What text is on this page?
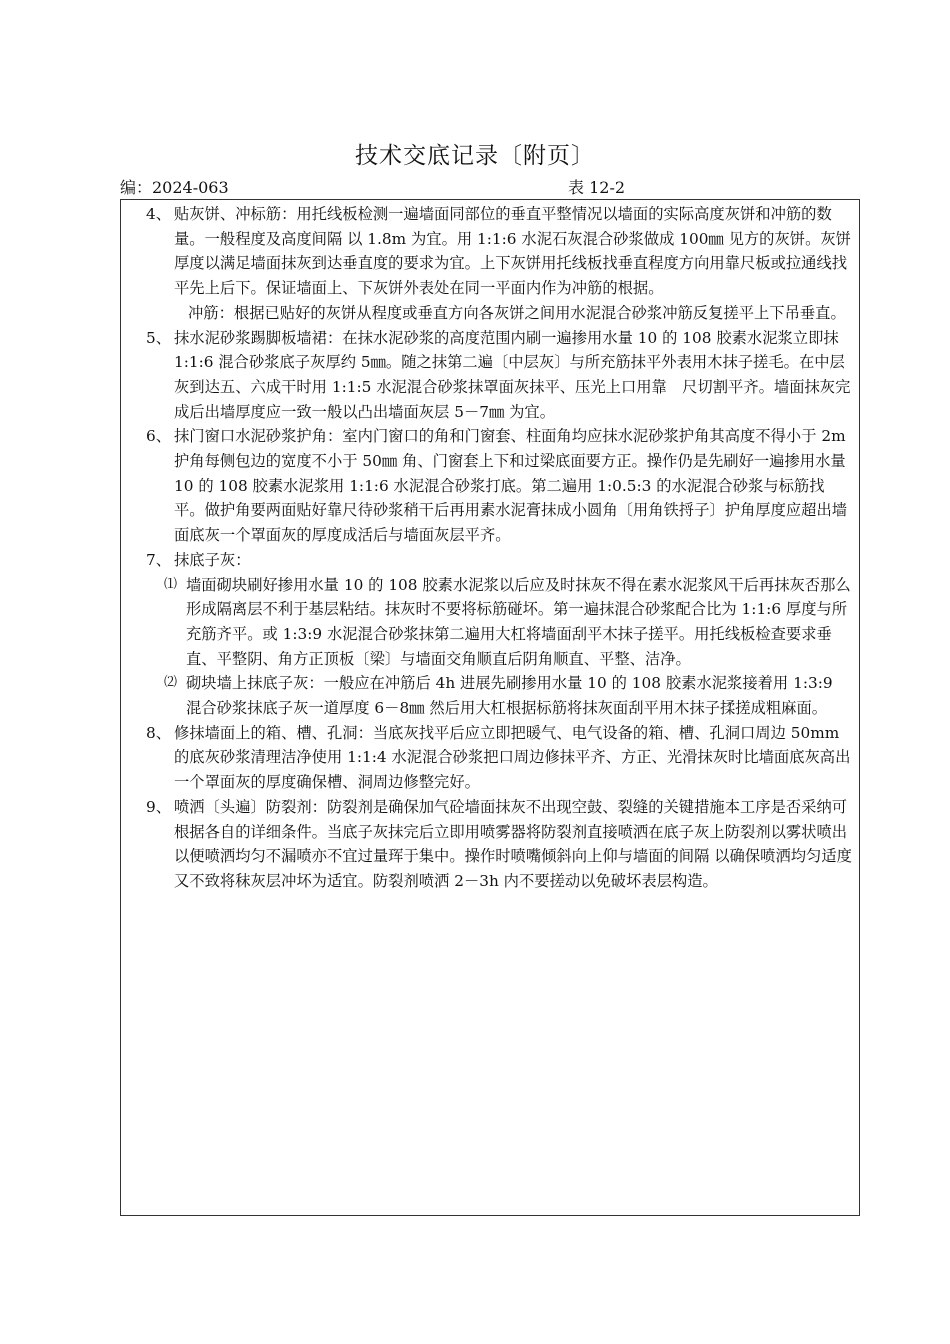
技术交底记录〔附页〕
编：2024-063	表 12-2
4、 贴灰饼、冲标筋：用托线板检测一遍墙面同部位的垂直平整情况以墙面的实际高度灰饼和冲筋的数量。一般程度及高度间隔 以 1.8m 为宜。用 1:1:6 水泥石灰混合砂浆做成 100㎜ 见方的灰饼。灰饼厚度以满足墙面抹灰到达垂直度的要求为宜。上下灰饼用托线板找垂直程度方向用靠尺板或拉通线找平先上后下。保证墙面上、下灰饼外表处在同一平面内作为冲筋的根据。
冲筋：根据已贴好的灰饼从程度或垂直方向各灰饼之间用水泥混合砂浆冲筋反复搓平上下吊垂直。
5、 抹水泥砂浆踢脚板墙裙：在抹水泥砂浆的高度范围内刷一遍掺用水量 10 的 108 胶素水泥浆立即抹 1:1:6 混合砂浆底子灰厚约 5㎜。随之抹第二遍〔中层灰〕与所充筋抹平外表用木抹子搓毛。在中层灰到达五、六成干时用 1:1:5 水泥混合砂浆抹罩面灰抹平、压光上口用靠　尺切割平齐。墙面抹灰完成后出墙厚度应一致一般以凸出墙面灰层 5－7㎜ 为宜。
6、 抹门窗口水泥砂浆护角：室内门窗口的角和门窗套、柱面角均应抹水泥砂浆护角其高度不得小于 2m 护角每侧包边的宽度不小于 50㎜ 角、门窗套上下和过梁底面要方正。操作仍是先刷好一遍掺用水量 10 的 108 胶素水泥浆用 1:1:6 水泥混合砂浆打底。第二遍用 1:0.5:3 的水泥混合砂浆与标筋找平。做护角要两面贴好靠尺待砂浆稍干后再用素水泥膏抹成小圆角〔用角铁捋子〕护角厚度应超出墙面底灰一个罩面灰的厚度成活后与墙面灰层平齐。
7、 抹底子灰：
⑴ 墙面砌块刷好掺用水量 10 的 108 胶素水泥浆以后应及时抹灰不得在素水泥浆风干后再抹灰否那么形成隔离层不利于基层粘结。抹灰时不要将标筋碰坏。第一遍抹混合砂浆配合比为 1:1:6 厚度与所充筋齐平。或 1:3:9 水泥混合砂浆抹第二遍用大杠将墙面刮平木抹子搓平。用托线板检查要求垂直、平整阴、角方正顶板〔梁〕与墙面交角顺直后阴角顺直、平整、洁净。
⑵ 砌块墙上抹底子灰：一般应在冲筋后 4h 进展先刷掺用水量 10 的 108 胶素水泥浆接着用 1:3:9 混合砂浆抹底子灰一道厚度 6－8㎜ 然后用大杠根据标筋将抹灰面刮平用木抹子揉搓成粗麻面。
8、 修抹墙面上的箱、槽、孔洞：当底灰找平后应立即把暖气、电气设备的箱、槽、孔洞口周边 50mm 的底灰砂浆清理洁净使用 1:1:4 水泥混合砂浆把口周边修抹平齐、方正、光滑抹灰时比墙面底灰高出一个罩面灰的厚度确保槽、洞周边修整完好。
9、 喷洒〔头遍〕防裂剂：防裂剂是确保加气砼墙面抹灰不出现空鼓、裂缝的关键措施本工序是否采纳可根据各自的详细条件。当底子灰抹完后立即用喷雾器将防裂剂直接喷洒在底子灰上防裂剂以雾状喷出以便喷洒均匀不漏喷亦不宜过量珲于集中。操作时喷嘴倾斜向上仰与墙面的间隔 以确保喷洒均匀适度又不致将秣灰层冲坏为适宜。防裂剂喷洒 2－3h 内不要搓动以免破坏表层构造。
